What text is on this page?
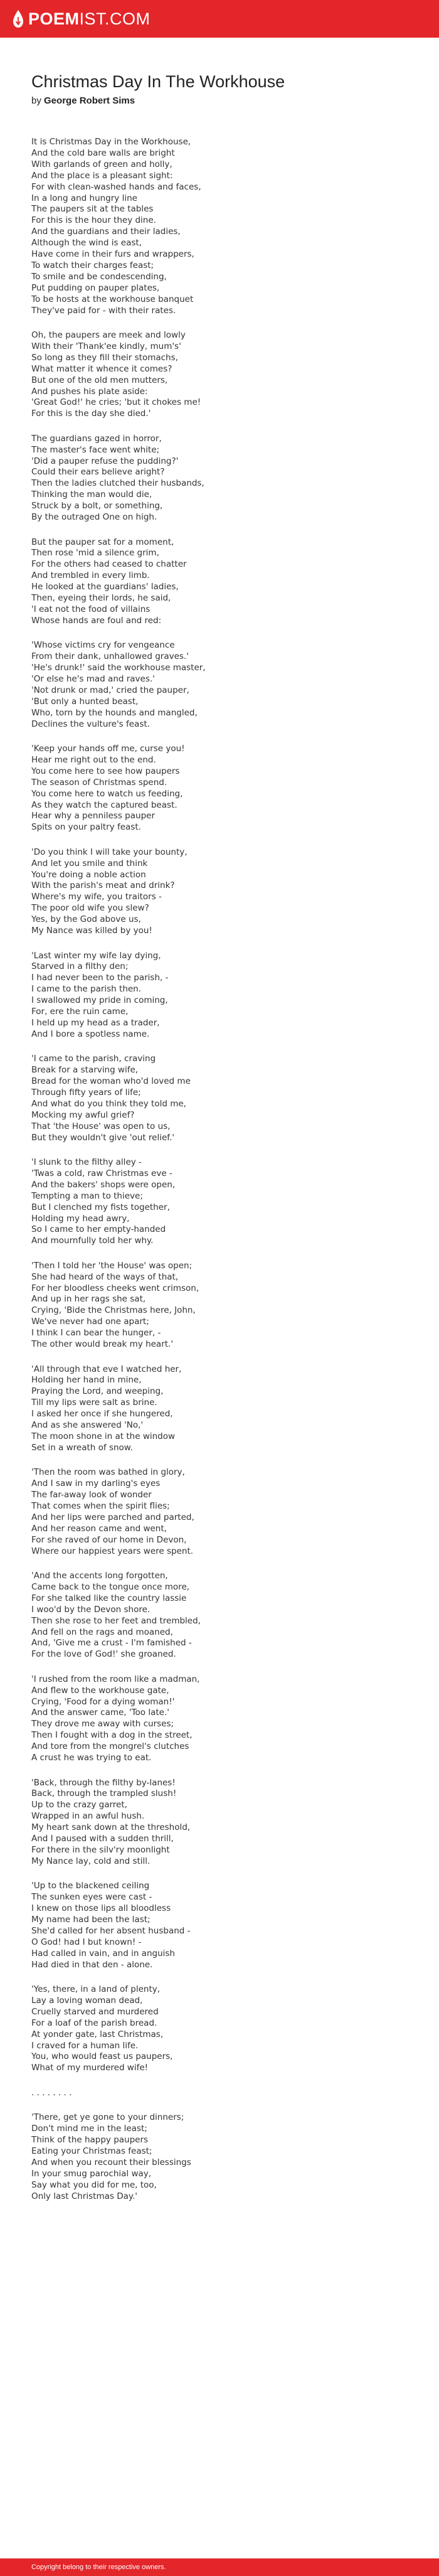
POEMIST.COM
Christmas Day In The Workhouse
by George Robert Sims
It is Christmas Day in the Workhouse,
And the cold bare walls are bright
With garlands of green and holly,
And the place is a pleasant sight:
For with clean-washed hands and faces,
In a long and hungry line
The paupers sit at the tables
For this is the hour they dine.
And the guardians and their ladies,
Although the wind is east,
Have come in their furs and wrappers,
To watch their charges feast;
To smile and be condescending,
Put pudding on pauper plates,
To be hosts at the workhouse banquet
They've paid for - with their rates.
Oh, the paupers are meek and lowly
With their 'Thank'ee kindly, mum's'
So long as they fill their stomachs,
What matter it whence it comes?
But one of the old men mutters,
And pushes his plate aside:
'Great God!' he cries; 'but it chokes me!
For this is the day she died.'
The guardians gazed in horror,
The master's face went white;
'Did a pauper refuse the pudding?'
Could their ears believe aright?
Then the ladies clutched their husbands,
Thinking the man would die,
Struck by a bolt, or something,
By the outraged One on high.
But the pauper sat for a moment,
Then rose 'mid a silence grim,
For the others had ceased to chatter
And trembled in every limb.
He looked at the guardians' ladies,
Then, eyeing their lords, he said,
'I eat not the food of villains
Whose hands are foul and red:
'Whose victims cry for vengeance
From their dank, unhallowed graves.'
'He's drunk!' said the workhouse master,
'Or else he's mad and raves.'
'Not drunk or mad,' cried the pauper,
'But only a hunted beast,
Who, torn by the hounds and mangled,
Declines the vulture's feast.
'Keep your hands off me, curse you!
Hear me right out to the end.
You come here to see how paupers
The season of Christmas spend.
You come here to watch us feeding,
As they watch the captured beast.
Hear why a penniless pauper
Spits on your paltry feast.
'Do you think I will take your bounty,
And let you smile and think
You're doing a noble action
With the parish's meat and drink?
Where's my wife, you traitors -
The poor old wife you slew?
Yes, by the God above us,
My Nance was killed by you!
'Last winter my wife lay dying,
Starved in a filthy den;
I had never been to the parish, -
I came to the parish then.
I swallowed my pride in coming,
For, ere the ruin came,
I held up my head as a trader,
And I bore a spotless name.
'I came to the parish, craving
Break for a starving wife,
Bread for the woman who'd loved me
Through fifty years of life;
And what do you think they told me,
Mocking my awful grief?
That 'the House' was open to us,
But they wouldn't give 'out relief.'
'I slunk to the filthy alley -
'Twas a cold, raw Christmas eve -
And the bakers' shops were open,
Tempting a man to thieve;
But I clenched my fists together,
Holding my head awry,
So I came to her empty-handed
And mournfully told her why.
'Then I told her 'the House' was open;
She had heard of the ways of that,
For her bloodless cheeks went crimson,
And up in her rags she sat,
Crying, 'Bide the Christmas here, John,
We've never had one apart;
I think I can bear the hunger, -
The other would break my heart.'
'All through that eve I watched her,
Holding her hand in mine,
Praying the Lord, and weeping,
Till my lips were salt as brine.
I asked her once if she hungered,
And as she answered 'No,'
The moon shone in at the window
Set in a wreath of snow.
'Then the room was bathed in glory,
And I saw in my darling's eyes
The far-away look of wonder
That comes when the spirit flies;
And her lips were parched and parted,
And her reason came and went,
For she raved of our home in Devon,
Where our happiest years were spent.
'And the accents long forgotten,
Came back to the tongue once more,
For she talked like the country lassie
I woo'd by the Devon shore.
Then she rose to her feet and trembled,
And fell on the rags and moaned,
And, 'Give me a crust - I'm famished -
For the love of God!' she groaned.
'I rushed from the room like a madman,
And flew to the workhouse gate,
Crying, 'Food for a dying woman!'
And the answer came, 'Too late.'
They drove me away with curses;
Then I fought with a dog in the street,
And tore from the mongrel's clutches
A crust he was trying to eat.
'Back, through the filthy by-lanes!
Back, through the trampled slush!
Up to the crazy garret,
Wrapped in an awful hush.
My heart sank down at the threshold,
And I paused with a sudden thrill,
For there in the silv'ry moonlight
My Nance lay, cold and still.
'Up to the blackened ceiling
The sunken eyes were cast -
I knew on those lips all bloodless
My name had been the last;
She'd called for her absent husband -
O God! had I but known! -
Had called in vain, and in anguish
Had died in that den - alone.
'Yes, there, in a land of plenty,
Lay a loving woman dead,
Cruelly starved and murdered
For a loaf of the parish bread.
At yonder gate, last Christmas,
I craved for a human life.
You, who would feast us paupers,
What of my murdered wife!
. . . . . . . .
'There, get ye gone to your dinners;
Don't mind me in the least;
Think of the happy paupers
Eating your Christmas feast;
And when you recount their blessings
In your smug parochial way,
Say what you did for me, too,
Only last Christmas Day.'
Copyright belong to their respective owners.
